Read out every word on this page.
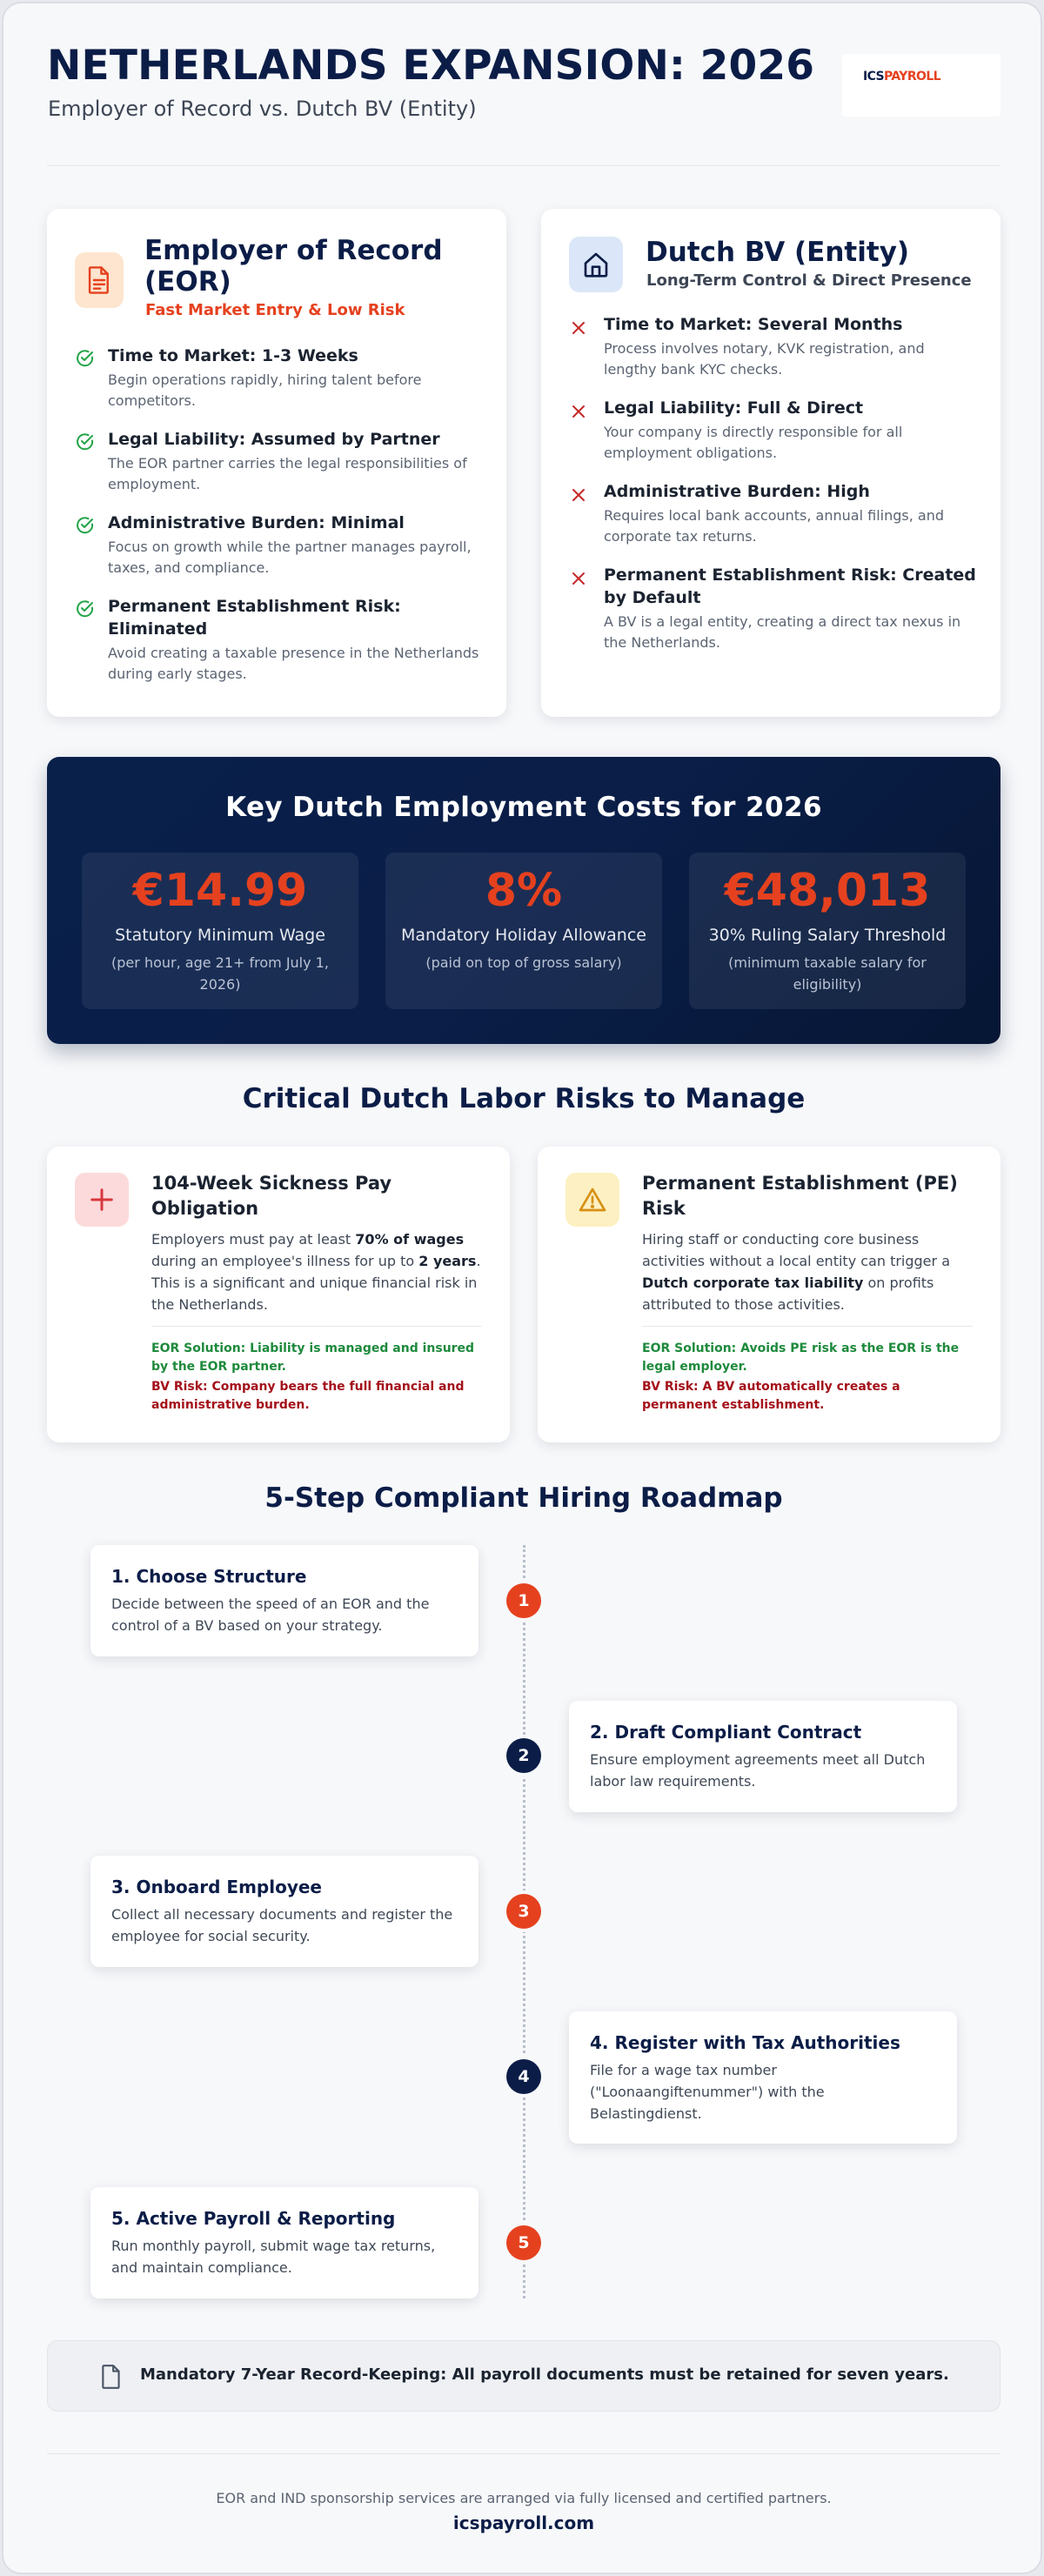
NETHERLANDS EXPANSION: 2026
Employer of Record vs. Dutch BV (Entity)
ICSPAYROLL
Employer of Record (EOR)
Fast Market Entry & Low Risk
Time to Market: 1-3 Weeks
Begin operations rapidly, hiring talent before competitors.
Legal Liability: Assumed by Partner
The EOR partner carries the legal responsibilities of employment.
Administrative Burden: Minimal
Focus on growth while the partner manages payroll, taxes, and compliance.
Permanent Establishment Risk: Eliminated
Avoid creating a taxable presence in the Netherlands during early stages.
Dutch BV (Entity)
Long-Term Control & Direct Presence
Time to Market: Several Months
Process involves notary, KVK registration, and lengthy bank KYC checks.
Legal Liability: Full & Direct
Your company is directly responsible for all employment obligations.
Administrative Burden: High
Requires local bank accounts, annual filings, and corporate tax returns.
Permanent Establishment Risk: Created by Default
A BV is a legal entity, creating a direct tax nexus in the Netherlands.
Key Dutch Employment Costs for 2026
€14.99
Statutory Minimum Wage
(per hour, age 21+ from July 1, 2026)
8%
Mandatory Holiday Allowance
(paid on top of gross salary)
€48,013
30% Ruling Salary Threshold
(minimum taxable salary for eligibility)
Critical Dutch Labor Risks to Manage
104-Week Sickness Pay Obligation
Employers must pay at least 70% of wages during an employee's illness for up to 2 years. This is a significant and unique financial risk in the Netherlands.
EOR Solution: Liability is managed and insured by the EOR partner.
BV Risk: Company bears the full financial and administrative burden.
Permanent Establishment (PE) Risk
Hiring staff or conducting core business activities without a local entity can trigger a Dutch corporate tax liability on profits attributed to those activities.
EOR Solution: Avoids PE risk as the EOR is the legal employer.
BV Risk: A BV automatically creates a permanent establishment.
5-Step Compliant Hiring Roadmap
1. Choose Structure
Decide between the speed of an EOR and the control of a BV based on your strategy.
1
2. Draft Compliant Contract
Ensure employment agreements meet all Dutch labor law requirements.
2
3. Onboard Employee
Collect all necessary documents and register the employee for social security.
3
4. Register with Tax Authorities
File for a wage tax number ("Loonaangiftenummer") with the Belastingdienst.
4
5. Active Payroll & Reporting
Run monthly payroll, submit wage tax returns, and maintain compliance.
5
Mandatory 7-Year Record-Keeping: All payroll documents must be retained for seven years.
EOR and IND sponsorship services are arranged via fully licensed and certified partners.
icspayroll.com
